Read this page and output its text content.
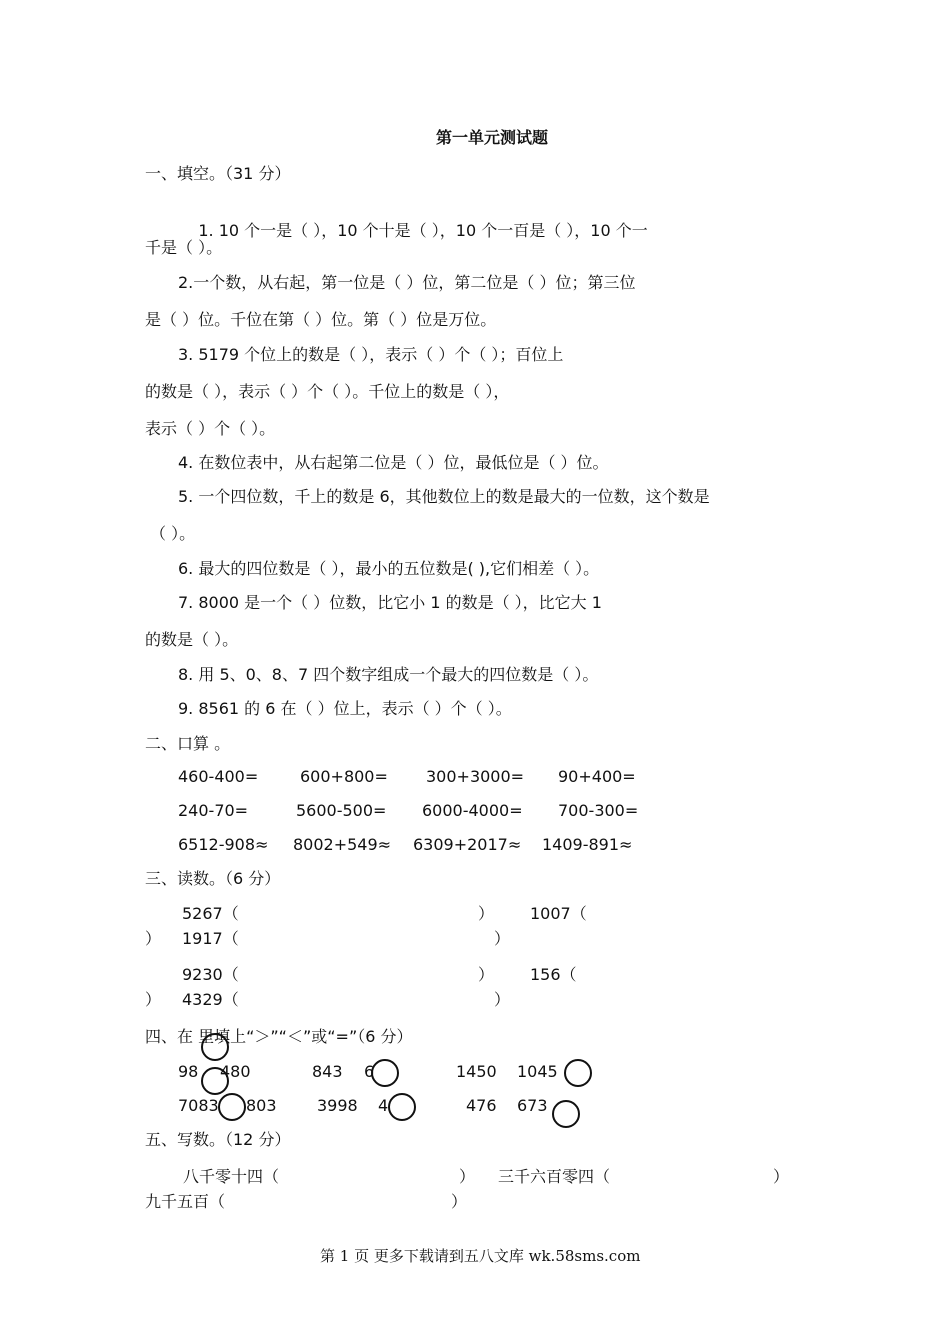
第一单元测试题
一、填空。（31 分）

1. 10 个一是（ ），10 个十是（ ），10 个一百是（ ），10 个一

千是（ ）。
2.一个数，从右起，第一位是（ ）位，第二位是（ ）位；第三位
是（ ）位。千位在第（ ）位。第（ ）位是万位。
3. 5179 个位上的数是（ ），表示（ ）个（ ）；百位上
的数是（ ），表示（ ）个（ ）。千位上的数是（ ），
表示（ ）个（ ）。
4. 在数位表中，从右起第二位是（ ）位，最低位是（ ）位。
5. 一个四位数，千上的数是 6，其他数位上的数是最大的一位数，这个数是
（ ）。
6. 最大的四位数是（ ），最小的五位数是( ),它们相差（ ）。
7. 8000 是一个（ ）位数，比它小 1 的数是（ ），比它大 1
的数是（ ）。
8. 用 5、0、8、7 四个数字组成一个最大的四位数是（ ）。
9. 8561 的 6 在（ ）位上，表示（ ）个（ ）。
二、口算 。
460-400=	600+800= 300+3000= 90+400=
240-70=	5600-500= 6000-4000= 700-300=
6512-908≈ 8002+549≈ 6309+2017≈ 1409-891≈
三、读数。（6 分）
5267（	） 1007（
） 1917（	）
9230（	） 156（
） 4329（	）
四、在 里填上“＞”“＜”或“=”（6 分）
98 480	843 6	1450 1045
7083 803	3998 4	476 673
五、写数。（12 分）
八千零十四（	） 三千六百零四（	）
九千五百（	）
第 1 页 更多下载请到五八文库 wk.58sms.com
